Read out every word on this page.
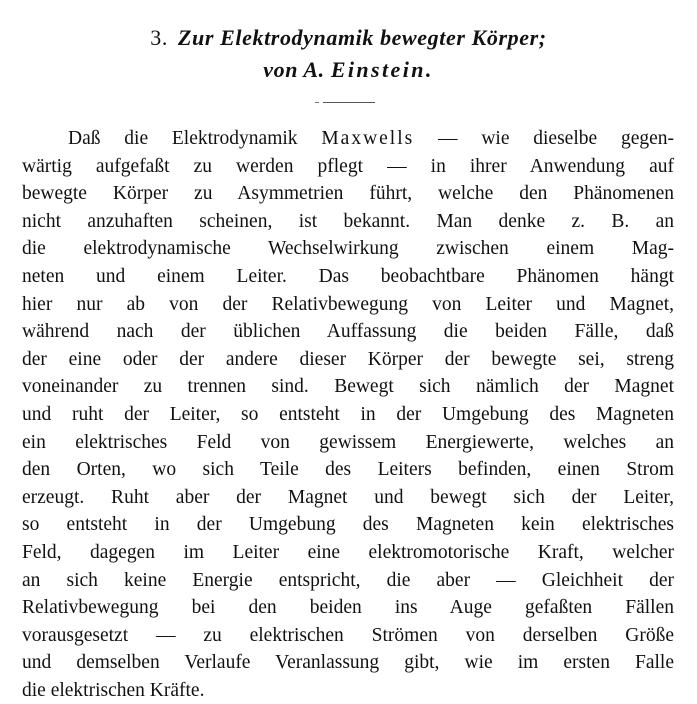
3. Zur Elektrodynamik bewegter Körper;
von A. Einstein.
Daß die Elektrodynamik Maxwells — wie dieselbe gegen-
wärtig aufgefaßt zu werden pflegt — in ihrer Anwendung auf
bewegte Körper zu Asymmetrien führt, welche den Phänomenen
nicht anzuhaften scheinen, ist bekannt. Man denke z. B. an
die elektrodynamische Wechselwirkung zwischen einem Mag-
neten und einem Leiter. Das beobachtbare Phänomen hängt
hier nur ab von der Relativbewegung von Leiter und Magnet,
während nach der üblichen Auffassung die beiden Fälle, daß
der eine oder der andere dieser Körper der bewegte sei, streng
voneinander zu trennen sind. Bewegt sich nämlich der Magnet
und ruht der Leiter, so entsteht in der Umgebung des Magneten
ein elektrisches Feld von gewissem Energiewerte, welches an
den Orten, wo sich Teile des Leiters befinden, einen Strom
erzeugt. Ruht aber der Magnet und bewegt sich der Leiter,
so entsteht in der Umgebung des Magneten kein elektrisches
Feld, dagegen im Leiter eine elektromotorische Kraft, welcher
an sich keine Energie entspricht, die aber — Gleichheit der
Relativbewegung bei den beiden ins Auge gefaßten Fällen
vorausgesetzt — zu elektrischen Strömen von derselben Größe
und demselben Verlaufe Veranlassung gibt, wie im ersten Falle
die elektrischen Kräfte.
